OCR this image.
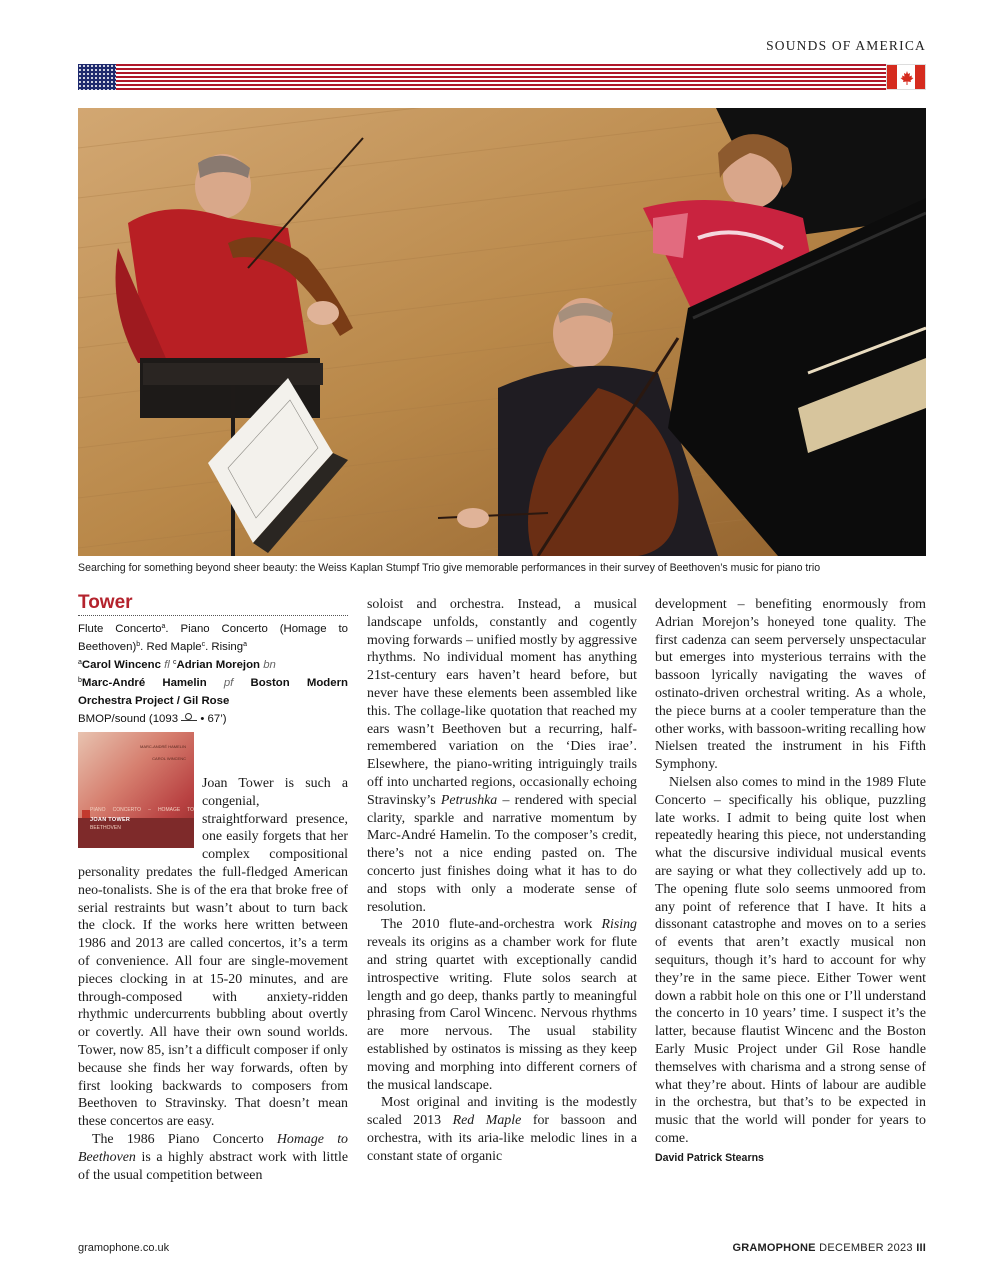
SOUNDS OF AMERICA
Searching for something beyond sheer beauty: the Weiss Kaplan Stumpf Trio give memorable performances in their survey of Beethoven’s music for piano trio
Tower
Flute Concerto$^a$. Piano Concerto (Homage to Beethoven)$^b$. Red Maple$^c$. Rising$^a$
$^a$Carol Wincenc fl $^c$Adrian Morejon bn
$^b$Marc-André Hamelin pf Boston Modern Orchestra Project / Gil Rose
BMOP/sound (1093 • 67’)
MARC-ANDRÉ HAMELIN
CAROL WINCENC
JOAN TOWER
PIANO CONCERTO – HOMAGE TO BEETHOVEN

Joan Tower is such a congenial, straightforward presence, one easily forgets that her complex compositional personality predates the full-fledged American neo-tonalists. She is of the era that broke free of serial restraints but wasn’t about to turn back the clock. If the works here written between 1986 and 2013 are called concertos, it’s a term of convenience. All four are single-movement pieces clocking in at 15-20 minutes, and are through-composed with anxiety-ridden rhythmic undercurrents bubbling about overtly or covertly. All have their own sound worlds. Tower, now 85, isn’t a difficult composer if only because she finds her way forwards, often by first looking backwards to composers from Beethoven to Stravinsky. That doesn’t mean these concertos are easy.

The 1986 Piano Concerto Homage to Beethoven is a highly abstract work with little of the usual competition between

soloist and orchestra. Instead, a musical landscape unfolds, constantly and cogently moving forwards – unified mostly by aggressive rhythms. No individual moment has anything 21st-century ears haven’t heard before, but never have these elements been assembled like this. The collage-like quotation that reached my ears wasn’t Beethoven but a recurring, half-remembered variation on the ‘Dies irae’. Elsewhere, the piano-writing intriguingly trails off into uncharted regions, occasionally echoing Stravinsky’s Petrushka – rendered with special clarity, sparkle and narrative momentum by Marc-André Hamelin. To the composer’s credit, there’s not a nice ending pasted on. The concerto just finishes doing what it has to do and stops with only a moderate sense of resolution.

The 2010 flute-and-orchestra work Rising reveals its origins as a chamber work for flute and string quartet with exceptionally candid introspective writing. Flute solos search at length and go deep, thanks partly to meaningful phrasing from Carol Wincenc. Nervous rhythms are more nervous. The usual stability established by ostinatos is missing as they keep moving and morphing into different corners of the musical landscape.

Most original and inviting is the modestly scaled 2013 Red Maple for bassoon and orchestra, with its aria-like melodic lines in a constant state of organic

development – benefiting enormously from Adrian Morejon’s honeyed tone quality. The first cadenza can seem perversely unspectacular but emerges into mysterious terrains with the bassoon lyrically navigating the waves of ostinato-driven orchestral writing. As a whole, the piece burns at a cooler temperature than the other works, with bassoon-writing recalling how Nielsen treated the instrument in his Fifth Symphony.

Nielsen also comes to mind in the 1989 Flute Concerto – specifically his oblique, puzzling late works. I admit to being quite lost when repeatedly hearing this piece, not understanding what the discursive individual musical events are saying or what they collectively add up to. The opening flute solo seems unmoored from any point of reference that I have. It hits a dissonant catastrophe and moves on to a series of events that aren’t exactly musical non sequiturs, though it’s hard to account for why they’re in the same piece. Either Tower went down a rabbit hole on this one or I’ll understand the concerto in 10 years’ time. I suspect it’s the latter, because flautist Wincenc and the Boston Early Music Project under Gil Rose handle themselves with charisma and a strong sense of what they’re about. Hints of labour are audible in the orchestra, but that’s to be expected in music that the world will ponder for years to come.

David Patrick Stearns
gramophone.co.uk	GRAMOPHONE DECEMBER 2023 III
